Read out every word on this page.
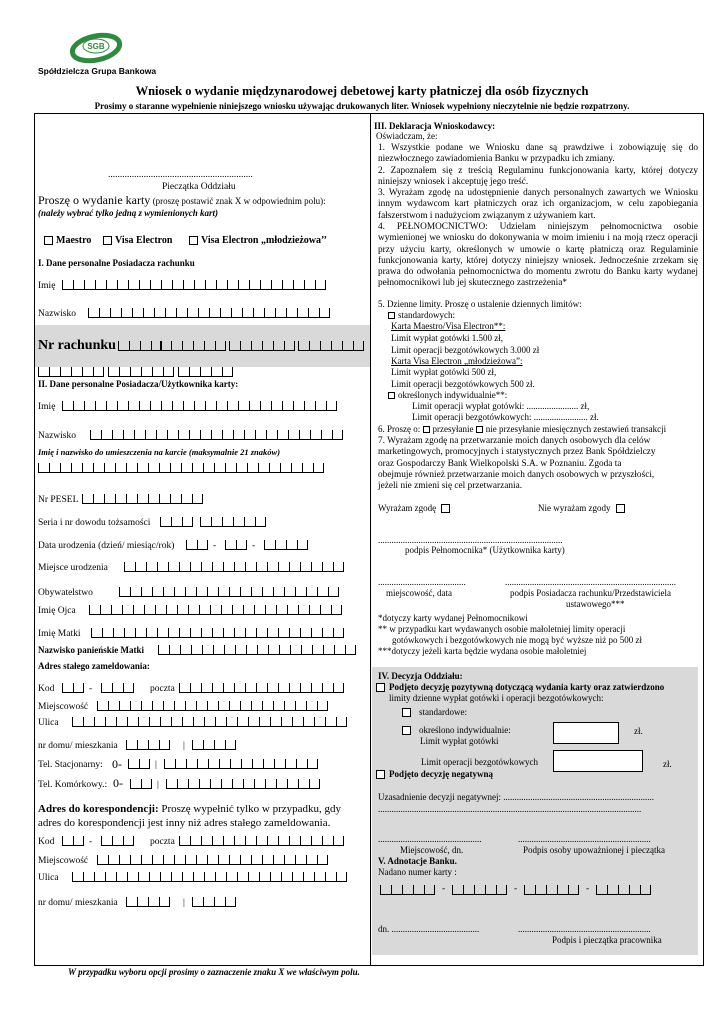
SGB
Spółdzielcza Grupa Bankowa
Wniosek o wydanie międzynarodowej debetowej karty płatniczej dla osób fizycznych
Prosimy o staranne wypełnienie niniejszego wniosku używając drukowanych liter. Wniosek wypełniony nieczytelnie nie będzie rozpatrzony.
.............................................................
Pieczątka Oddziału
Proszę o wydanie karty (proszę postawić znak X w odpowiednim polu):
(należy wybrać tylko jedną z wymienionych kart)
Maestro	Visa Electron	Visa Electron „młodzieżowa’’
I. Dane personalne Posiadacza rachunku
Imię
Nazwisko
Nr rachunku
II. Dane personalne Posiadacza/Użytkownika karty:
Imię
Nazwisko
Imię i nazwisko do umieszczenia na karcie (maksymalnie 21 znaków)
Nr PESEL
Seria i nr dowodu tożsamości
Data urodzenia (dzień/ miesiąc/rok)	-	-
Miejsce urodzenia
Obywatelstwo
Imię Ojca
Imię Matki
Nazwisko panieńskie Matki
Adres stałego zameldowania:
Kod	-	poczta
Miejscowość
Ulica
nr domu/ mieszkania	|
Tel. Stacjonarny: 0-	|
Tel. Komórkowy.: 0-	|
Adres do korespondencji: Proszę wypełnić tylko w przypadku, gdy
adres do korespondencji jest inny niż adres stałego zameldowania.
Kod	-	poczta
Miejscowość
Ulica
nr domu/ mieszkania	|
III. Deklaracja Wnioskodawcy:
Oświadczam, że:
1. Wszystkie podane we Wniosku dane są prawdziwe i zobowiązuję się do niezwłocznego zawiadomienia Banku w przypadku ich zmiany.
2. Zapoznałem się z treścią Regulaminu funkcjonowania karty, której dotyczy niniejszy wniosek i akceptuję jego treść.
3. Wyrażam zgodę na udostępnienie danych personalnych zawartych we Wniosku innym wydawcom kart płatniczych oraz ich organizacjom, w celu zapobiegania fałszerstwom i nadużyciom związanym z używaniem kart.
4. PEŁNOMOCNICTWO: Udzielam niniejszym pełnomocnictwa osobie wymienionej we wniosku do dokonywania w moim imieniu i na moją rzecz operacji przy użyciu karty, określonych w umowie o kartę płatniczą oraz Regulaminie funkcjonowania karty, której dotyczy niniejszy wniosek. Jednocześnie zrzekam się prawa do odwołania pełnomocnictwa do momentu zwrotu do Banku karty wydanej pełnomocnikowi lub jej skutecznego zastrzeżenia*
5. Dzienne limity. Proszę o ustalenie dziennych limitów:
standardowych:
Karta Maestro/Visa Electron**:
Limit wypłat gotówki 1.500 zł,
Limit operacji bezgotówkowych 3.000 zł
Karta Visa Electron „młodzieżowa”:
Limit wypłat gotówki 500 zł,
Limit operacji bezgotówkowych 500 zł.
określonych indywidualnie**:
Limit operacji wypłat gotówki: ....................... zł,
Limit operacji bezgotówkowych: ........................ zł.
6. Proszę o: przesyłanie nie przesyłanie miesięcznych zestawień transakcji
7. Wyrażam zgodę na przetwarzanie moich danych osobowych dla celów
marketingowych, promocyjnych i statystycznych przez Bank Spółdzielczy
oraz Gospodarczy Bank Wielkopolski S.A. w Poznaniu. Zgoda ta
obejmuje również przetwarzanie moich danych osobowych w przyszłości,
jeżeli nie zmieni się cel przetwarzania.
Wyrażam zgodę	Nie wyrażam zgody
..................................................................................
podpis Pełnomocnika* (Użytkownika karty)
.......................................	............................................................................
miejscowość, data	podpis Posiadacza rachunku/Przedstawiciela
ustawowego***
*dotyczy karty wydanej Pełnomocnikowi
** w przypadku kart wydawanych osobie małoletniej limity operacji
gotówkowych i bezgotówkowych nie mogą być wyższe niż po 500 zł
***dotyczy jeżeli karta będzie wydana osobie małoletniej
IV. Decyzja Oddziału:
Podjęto decyzję pozytywną dotyczącą wydania karty oraz zatwierdzono
limity dzienne wypłat gotówki i operacji bezgotówkowych:
standardowe:
określono indywidualnie:	zł.
Limit wypłat gotówki
Limit operacji bezgotówkowych	zł.
Podjęto decyzję negatywną
Uzasadnienie decyzji negatywnej: ...................................................................
.....................................................................................................................
..............................................	...........................................................
Miejscowość, dn.	Podpis osoby upoważnionej i pieczątka
V. Adnotacje Banku.
Nadano numer karty :
-	-	-
dn. .......................................	...........................................................
Podpis i pieczątka pracownika
W przypadku wyboru opcji prosimy o zaznaczenie znaku X we właściwym polu.
